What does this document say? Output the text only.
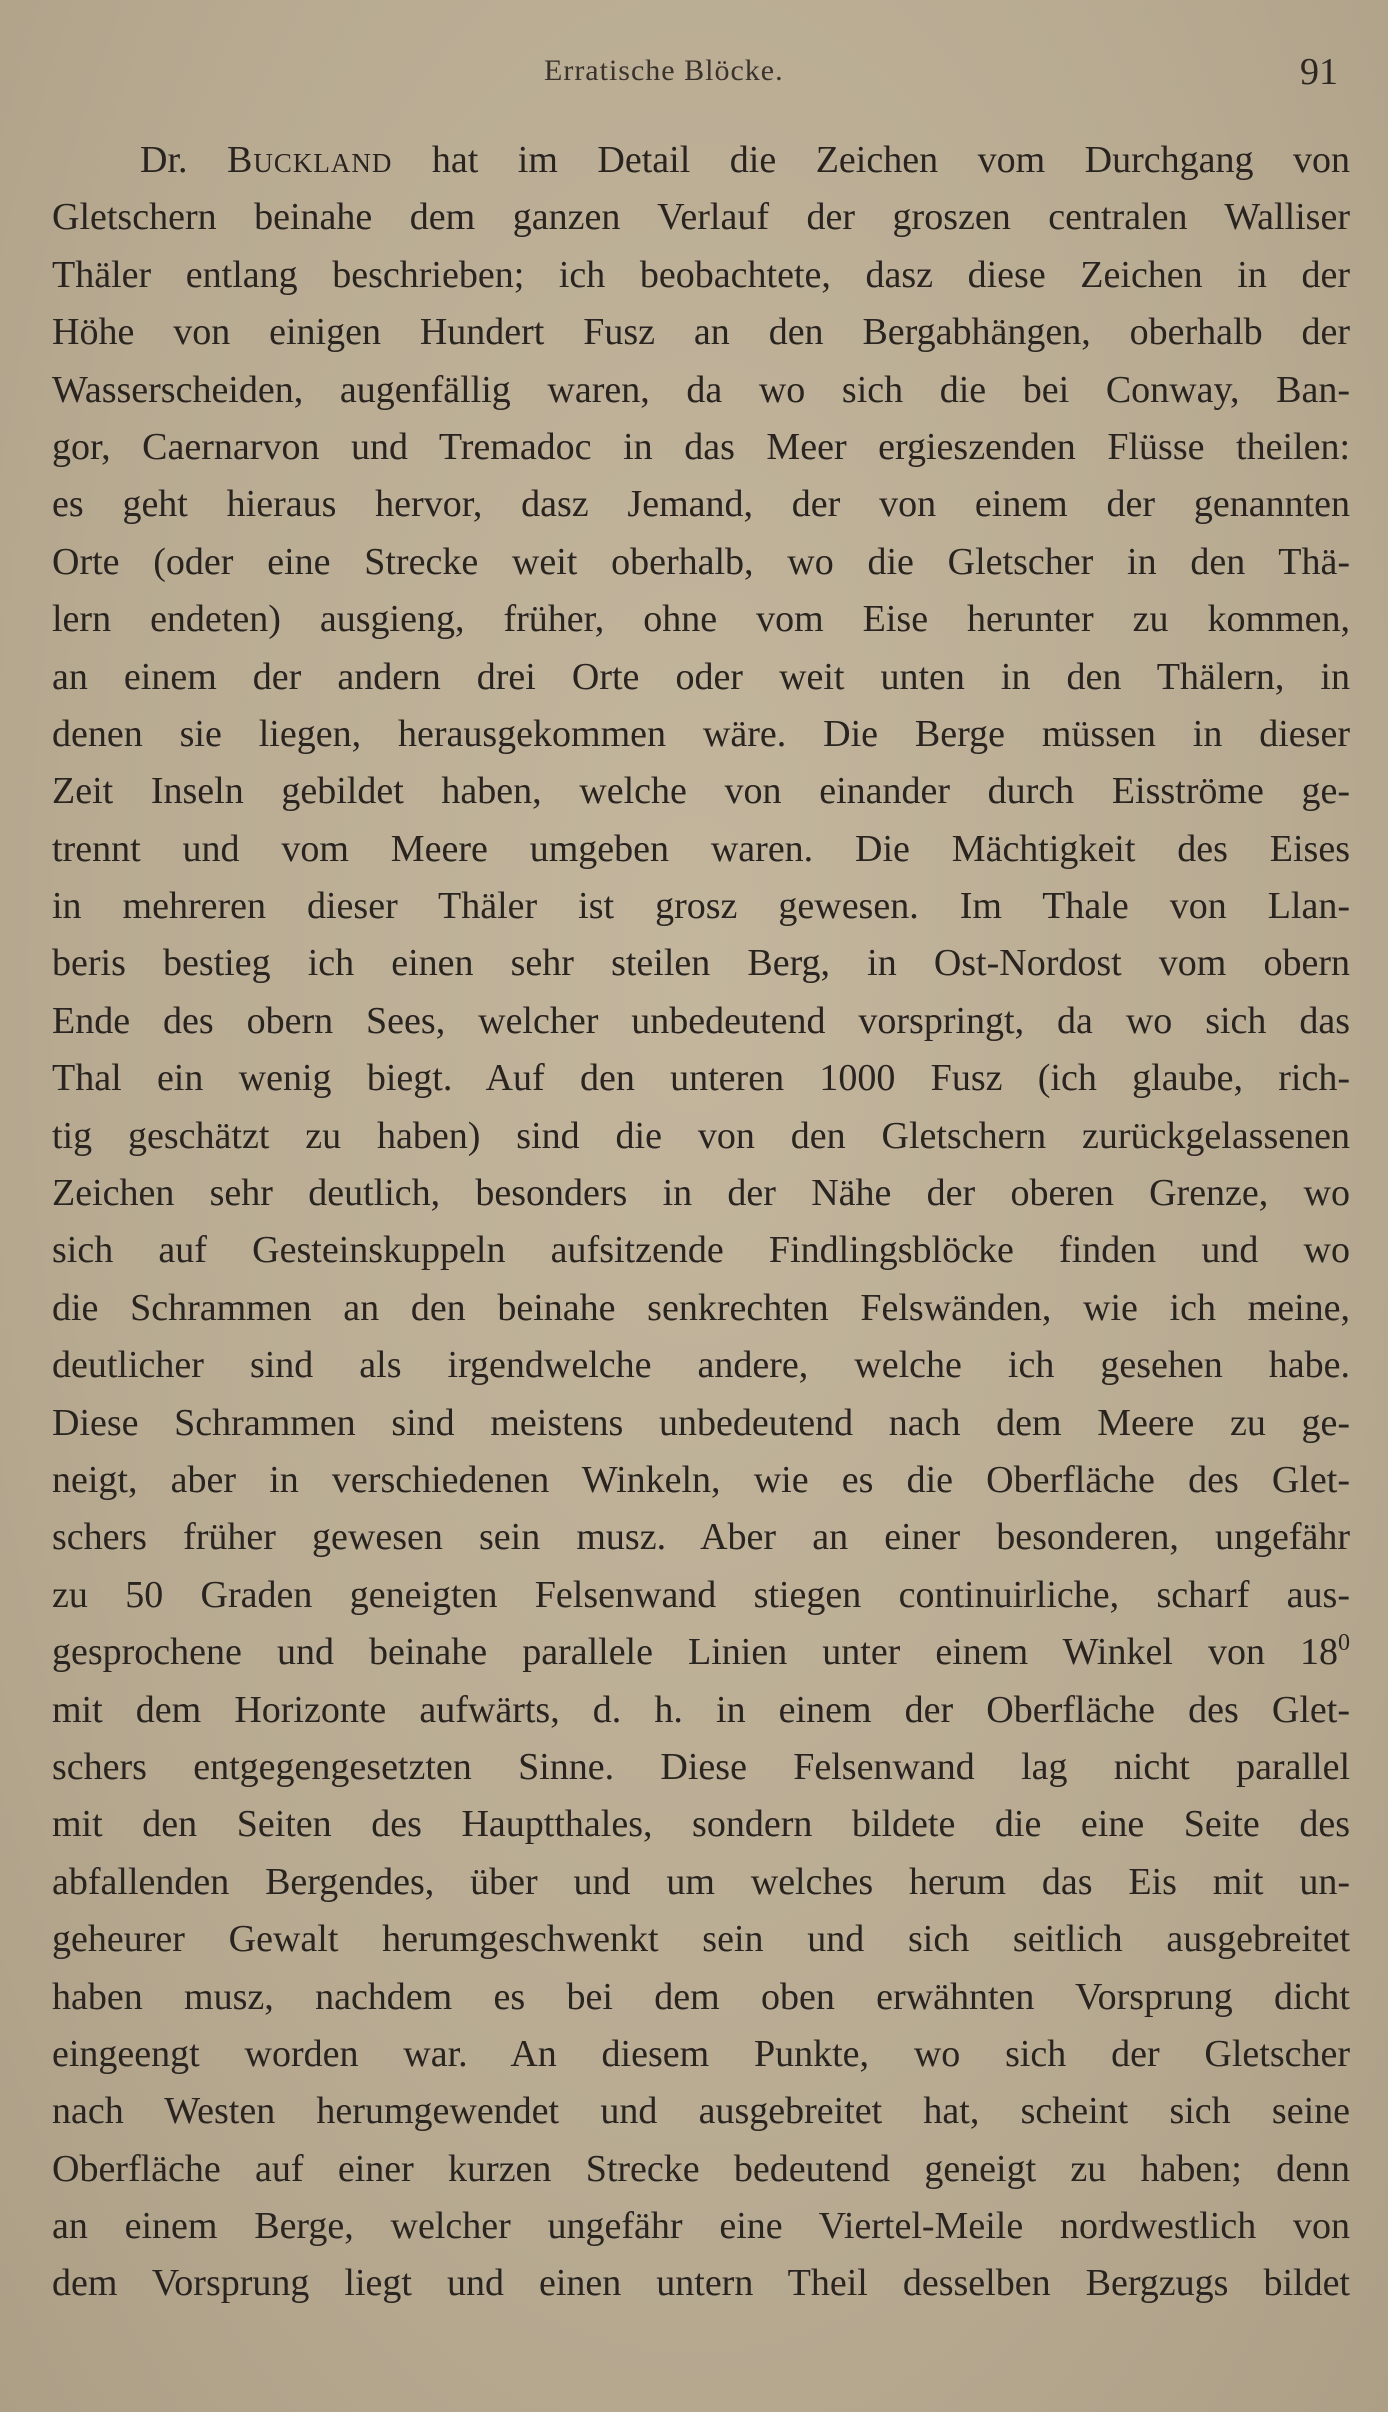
Erratische Blöcke.	91
Dr. Buckland hat im Detail die Zeichen vom Durchgang von
Gletschern beinahe dem ganzen Verlauf der groszen centralen Walliser
Thäler entlang beschrieben; ich beobachtete, dasz diese Zeichen in der
Höhe von einigen Hundert Fusz an den Bergabhängen, oberhalb der
Wasserscheiden, augenfällig waren, da wo sich die bei Conway, Ban-
gor, Caernarvon und Tremadoc in das Meer ergieszenden Flüsse theilen:
es geht hieraus hervor, dasz Jemand, der von einem der genannten
Orte (oder eine Strecke weit oberhalb, wo die Gletscher in den Thä-
lern endeten) ausgieng, früher, ohne vom Eise herunter zu kommen,
an einem der andern drei Orte oder weit unten in den Thälern, in
denen sie liegen, herausgekommen wäre. Die Berge müssen in dieser
Zeit Inseln gebildet haben, welche von einander durch Eisströme ge-
trennt und vom Meere umgeben waren. Die Mächtigkeit des Eises
in mehreren dieser Thäler ist grosz gewesen. Im Thale von Llan-
beris bestieg ich einen sehr steilen Berg, in Ost-Nordost vom obern
Ende des obern Sees, welcher unbedeutend vorspringt, da wo sich das
Thal ein wenig biegt. Auf den unteren 1000 Fusz (ich glaube, rich-
tig geschätzt zu haben) sind die von den Gletschern zurückgelassenen
Zeichen sehr deutlich, besonders in der Nähe der oberen Grenze, wo
sich auf Gesteinskuppeln aufsitzende Findlingsblöcke finden und wo
die Schrammen an den beinahe senkrechten Felswänden, wie ich meine,
deutlicher sind als irgendwelche andere, welche ich gesehen habe.
Diese Schrammen sind meistens unbedeutend nach dem Meere zu ge-
neigt, aber in verschiedenen Winkeln, wie es die Oberfläche des Glet-
schers früher gewesen sein musz. Aber an einer besonderen, ungefähr
zu 50 Graden geneigten Felsenwand stiegen continuirliche, scharf aus-
gesprochene und beinahe parallele Linien unter einem Winkel von $18^0$
mit dem Horizonte aufwärts, d. h. in einem der Oberfläche des Glet-
schers entgegengesetzten Sinne. Diese Felsenwand lag nicht parallel
mit den Seiten des Hauptthales, sondern bildete die eine Seite des
abfallenden Bergendes, über und um welches herum das Eis mit un-
geheurer Gewalt herumgeschwenkt sein und sich seitlich ausgebreitet
haben musz, nachdem es bei dem oben erwähnten Vorsprung dicht
eingeengt worden war. An diesem Punkte, wo sich der Gletscher
nach Westen herumgewendet und ausgebreitet hat, scheint sich seine
Oberfläche auf einer kurzen Strecke bedeutend geneigt zu haben; denn
an einem Berge, welcher ungefähr eine Viertel-Meile nordwestlich von
dem Vorsprung liegt und einen untern Theil desselben Bergzugs bildet
